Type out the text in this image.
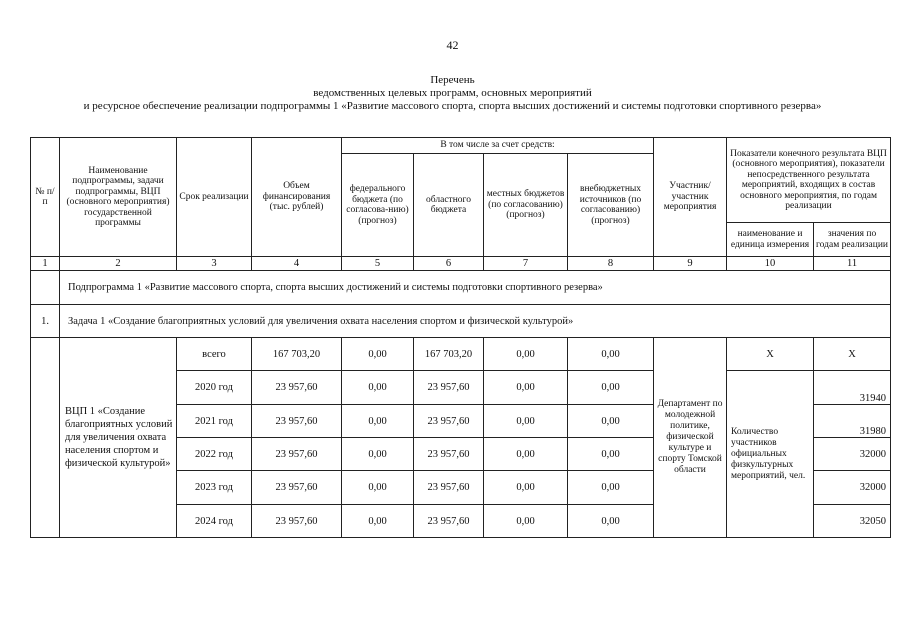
42
Перечень
ведомственных целевых программ, основных мероприятий
и ресурсное обеспечение реализации подпрограммы 1 «Развитие массового спорта, спорта высших достижений и системы подготовки спортивного резерва»
№ п/п	Наименование подпрограммы, задачи подпрограммы, ВЦП (основного мероприятия) государственной программы	Срок реализации	Объем финансирования (тыс. рублей)	В том числе за счет средств:				Участник/ участник мероприятия	Показатели конечного результата ВЦП (основного мероприятия), показатели непосредственного результата мероприятий, входящих в состав основного мероприятия, по годам реализации	
				федерального бюджета (по согласова-нию) (прогноз)	областного бюджета	местных бюджетов (по согласованию) (прогноз)	внебюджетных источников (по согласованию) (прогноз)			
									наименование и единица измерения	значения по годам реализации
1	2	3	4	5	6	7	8	9	10	11
	Подпрограмма 1 «Развитие массового спорта, спорта высших достижений и системы подготовки спортивного резерва»									
1.	Задача 1 «Создание благоприятных условий для увеличения охвата населения спортом и физической культурой»									
	ВЦП 1 «Создание благоприятных условий для увеличения охвата населения спортом и физической культурой»	всего	167 703,20	0,00	167 703,20	0,00	0,00	Департамент по молодежной политике, физической культуре и спорту Томской области	X	X
		2020 год	23 957,60	0,00	23 957,60	0,00	0,00		Количество участников официальных физкультурных мероприятий, чел.	31940
		2021 год	23 957,60	0,00	23 957,60	0,00	0,00			31980
		2022 год	23 957,60	0,00	23 957,60	0,00	0,00			32000
		2023 год	23 957,60	0,00	23 957,60	0,00	0,00			32000
		2024 год	23 957,60	0,00	23 957,60	0,00	0,00			32050
